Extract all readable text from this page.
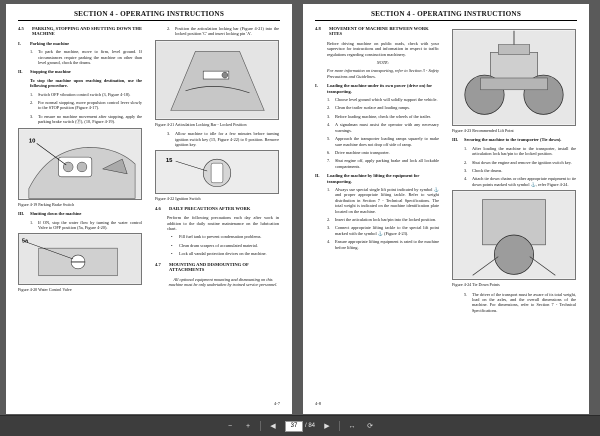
SECTION 4 - OPERATING INSTRUCTIONS
4.5	PARKING, STOPPING AND SHUTTING DOWN THE MACHINE
I.	Parking the machine
1.	To park the machine, move to firm, level ground. If circumstances require parking the machine on other than level ground, chock the drums.
II.	Stopping the machine
To stop the machine upon reaching destination, use the following procedure.
1.	Switch OFF vibration control switch (3, Figure 4-18).
2.	For normal stopping, move propulsion control lever slowly to the STOP position (Figure 4-17).
3.	To ensure no machine movement after stopping, apply the parking brake switch (Ⓟ), (10, Figure 4-19).
10
Figure 4-19 Parking Brake Switch
III.	Shutting down the machine
1.	If ON, stop the water flow by turning the water control Valve to OFF position (5a, Figure 4-20).
5a
Figure 4-20 Water Control Valve
2.	Position the articulation locking bar (Figure 4-21) into the locked position 'C' and insert locking pin 'A'.
Figure 4-21 Articulation Locking Bar - Locked Position
3.	Allow machine to idle for a few minutes before turning ignition switch key (15, Figure 4-22) to 0 position. Remove ignition key.
15
Figure 4-22 Ignition Switch
4.6	DAILY PRECAUTIONS AFTER WORK
Perform the following precautions each day after work in addition to the daily routine maintenance on the lubrication chart.
•	Fill fuel tank to prevent condensation problems.
•	Clean drum scrapers of accumulated material.
•	Lock all vandal protection devices on the machine.
4.7	MOUNTING AND DISMOUNTING OF ATTACHMENTS
All optional equipment mounting and dismounting on this machine must be only undertaken by trained service personnel.
4-7
SECTION 4 - OPERATING INSTRUCTIONS
4.8	MOVEMENT OF MACHINE BETWEEN WORK SITES
Before driving machine on public roads, check with your supervisor for instructions and information in respect to traffic regulations regarding construction machinery.
NOTE:
For more information on transporting, refer to Section 3 - Safety Precautions and Guidelines.
I.	Loading the machine under its own power (drive on) for transporting.
1.	Choose level ground which will solidly support the vehicle.
2.	Clean the trailer surface and loading ramps.
3.	Before loading machine, check the wheels of the trailer.
4.	A signalman must assist the operator with any necessary warnings.
5.	Approach the transporter loading ramps squarely to make sure machine does not drop off side of ramp.
6.	Drive machine onto transporter.
7.	Shut engine off, apply parking brake and lock all lockable compartments.
II.	Loading the machine by lifting the equipment for transporting.
1.	Always use special single lift point indicated by symbol ⚓ and proper appropriate lifting tackle. Refer to weight distribution in Section 7 - Technical Specifications. The total weight is indicated on the machine identification plate located on the machine.
2.	Insert the articulation lock bar/pin into the locked position.
3.	Connect appropriate lifting tackle to the special lift point marked with the symbol ⚓ (Figure 4-23).
4.	Ensure appropriate lifting equipment is rated to the machine before lifting.
Figure 4-23 Recommended Lift Point
III.	Securing the machine to the transporter (Tie down).
1.	After loading the machine to the transporter, install the articulation lock bar/pin to the locked position.
2.	Shut down the engine and remove the ignition switch key.
3.	Chock the drums.
4.	Attach tie down chains or other appropriate equipment to tie down points marked with symbol ⚓, refer Figure 4-24.
Figure 4-24 Tie Down Points
5.	The driver of the transport must be aware of its total weight, load on the axles, and the overall dimensions of the machine. For dimensions, refer to Section 7 - Technical Specifications.
4-8
−	+	◀	37	/ 84	▶	↔	⟳
